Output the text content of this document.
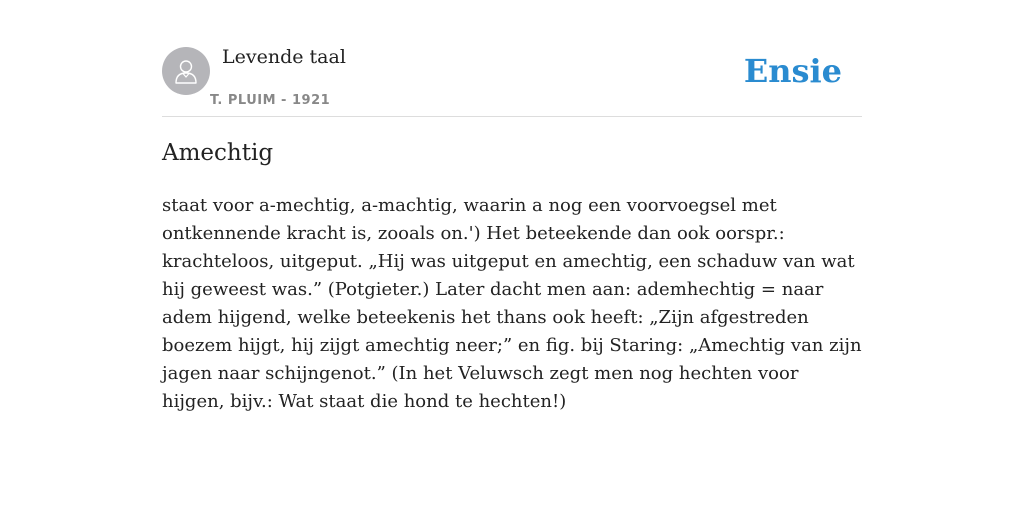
Levende taal
T. PLUIM - 1921
Ensie
Amechtig

staat voor a-mechtig, a-machtig, waarin a nog een voorvoegsel met ontkennende kracht is, zooals on.') Het beteekende dan ook oorspr.: krachteloos, uitgeput. „Hij was uitgeput en amechtig, een schaduw van wat hij geweest was.” (Potgieter.) Later dacht men aan: ademhechtig = naar adem hijgend, welke beteekenis het thans ook heeft: „Zijn afgestreden boezem hijgt, hij zijgt amechtig neer;” en fig. bij Staring: „Amechtig van zijn jagen naar schijngenot.” (In het Veluwsch zegt men nog hechten voor hijgen, bijv.: Wat staat die hond te hechten!)
